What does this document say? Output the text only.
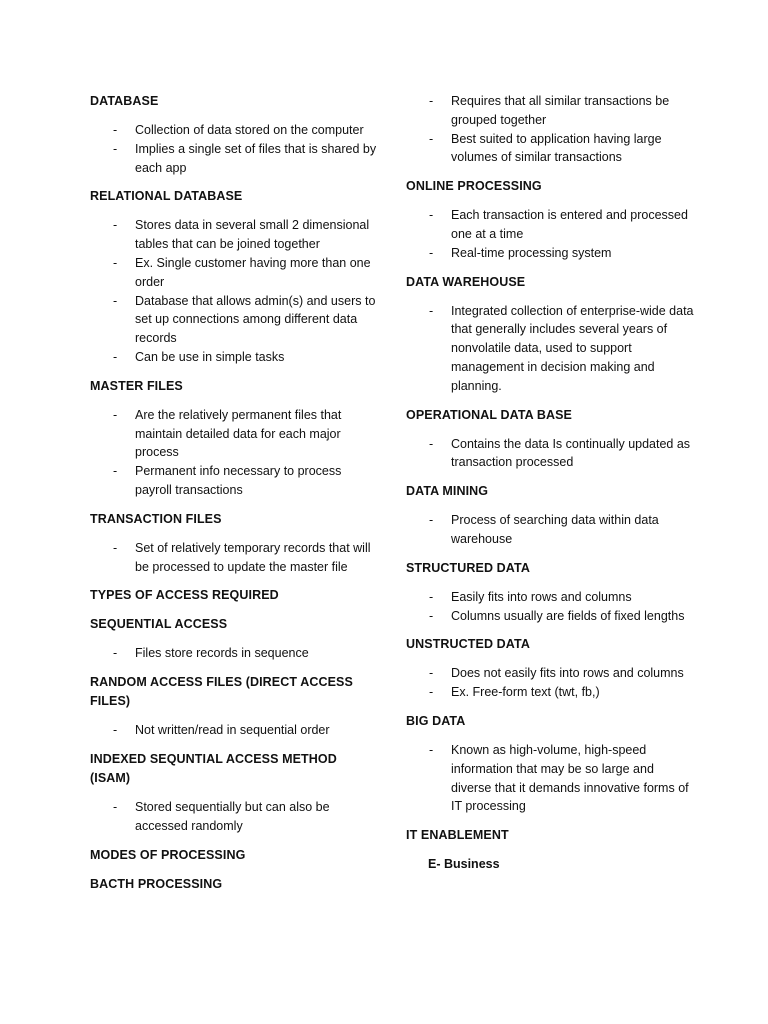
DATABASE
- Collection of data stored on the computer
- Implies a single set of files that is shared by each app
RELATIONAL DATABASE
- Stores data in several small 2 dimensional tables that can be joined together
- Ex. Single customer having more than one order
- Database that allows admin(s) and users to set up connections among different data records
- Can be use in simple tasks
MASTER FILES
- Are the relatively permanent files that maintain detailed data for each major process
- Permanent info necessary to process payroll transactions
TRANSACTION FILES
- Set of relatively temporary records that will be processed to update the master file
TYPES OF ACCESS REQUIRED
SEQUENTIAL ACCESS
- Files store records in sequence
RANDOM ACCESS FILES (DIRECT ACCESS FILES)
- Not written/read in sequential order
INDEXED SEQUNTIAL ACCESS METHOD (ISAM)
- Stored sequentially but can also be accessed randomly
MODES OF PROCESSING
BACTH PROCESSING
- Requires that all similar transactions be grouped together
- Best suited to application having large volumes of similar transactions
ONLINE PROCESSING
- Each transaction is entered and processed one at a time
- Real-time processing system
DATA WAREHOUSE
- Integrated collection of enterprise-wide data that generally includes several years of nonvolatile data, used to support management in decision making and planning.
OPERATIONAL DATA BASE
- Contains the data Is continually updated as transaction processed
DATA MINING
- Process of searching data within data warehouse
STRUCTURED DATA
- Easily fits into rows and columns
- Columns usually are fields of fixed lengths
UNSTRUCTED DATA
- Does not easily fits into rows and columns
- Ex. Free-form text (twt, fb,)
BIG DATA
- Known as high-volume, high-speed information that may be so large and diverse that it demands innovative forms of IT processing
IT ENABLEMENT

E- Business
